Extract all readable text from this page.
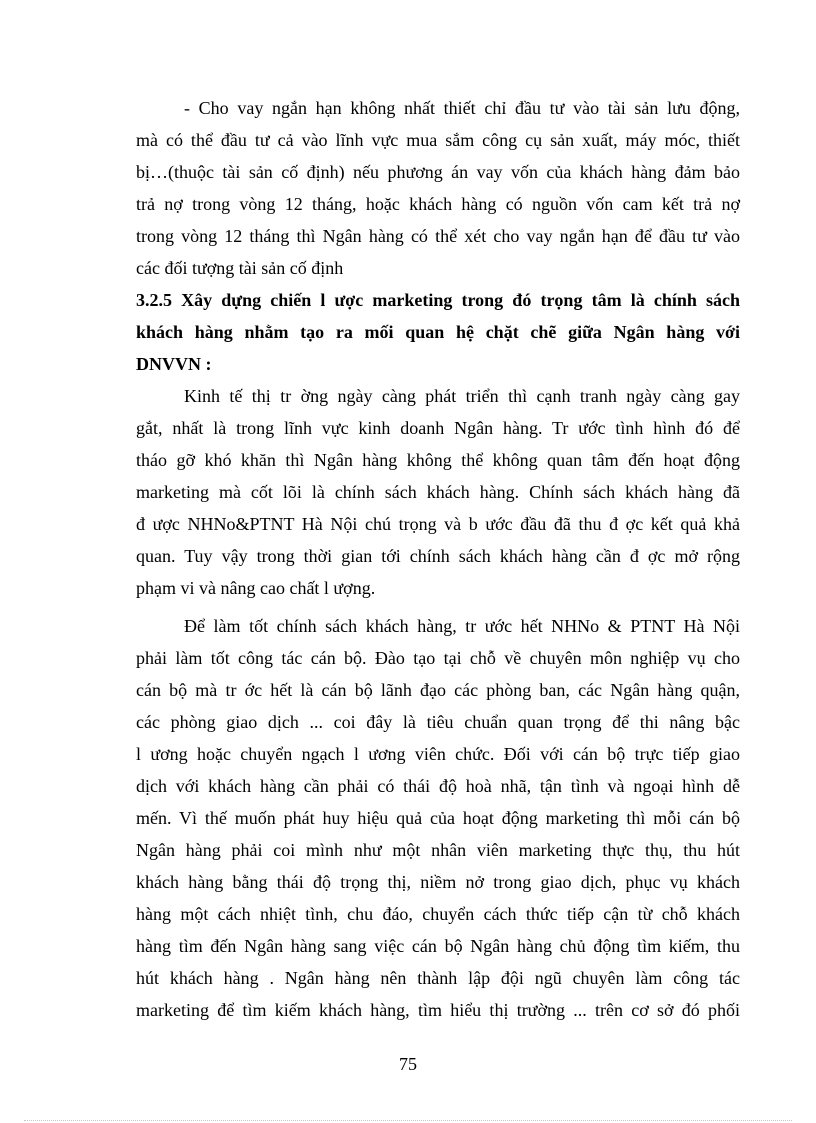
- Cho vay ngắn hạn không nhất thiết chỉ đầu tư vào tài sản lưu động,
mà có thể đầu tư cả vào lĩnh vực mua sắm công cụ sản xuất, máy móc, thiết
bị…(thuộc tài sản cố định) nếu phương án vay vốn của khách hàng đảm bảo
trả nợ trong vòng 12 tháng, hoặc khách hàng có nguồn vốn cam kết trả nợ
trong vòng 12 tháng thì Ngân hàng có thể xét cho vay ngắn hạn để đầu tư vào
các đối tượng tài sản cố định
3.2.5 Xây dựng chiến l ược marketing trong đó trọng tâm là chính sách
khách hàng nhằm tạo ra mối quan hệ chặt chẽ giữa Ngân hàng với
DNVVN :
Kinh tế thị tr ờng ngày càng phát triển thì cạnh tranh ngày càng gay
gắt, nhất là trong lĩnh vực kinh doanh Ngân hàng. Tr ước tình hình đó để
tháo gỡ khó khăn thì Ngân hàng không thể không quan tâm đến hoạt động
marketing mà cốt lõi là chính sách khách hàng. Chính sách khách hàng đã
đ ược NHNo&PTNT Hà Nội chú trọng và b ước đầu đã thu đ ợc kết quả khả
quan. Tuy vậy trong thời gian tới chính sách khách hàng cần đ ợc mở rộng
phạm vi và nâng cao chất l ượng.
Để làm tốt chính sách khách hàng, tr ước hết NHNo & PTNT Hà Nội
phải làm tốt công tác cán bộ. Đào tạo tại chỗ về chuyên môn nghiệp vụ cho
cán bộ mà tr ớc hết là cán bộ lãnh đạo các phòng ban, các Ngân hàng quận,
các phòng giao dịch ... coi đây là tiêu chuẩn quan trọng để thi nâng bậc
l ương hoặc chuyển ngạch l ương viên chức. Đối với cán bộ trực tiếp giao
dịch với khách hàng cần phải có thái độ hoà nhã, tận tình và ngoại hình dễ
mến. Vì thế muốn phát huy hiệu quả của hoạt động marketing thì mỗi cán bộ
Ngân hàng phải coi mình như một nhân viên marketing thực thụ, thu hút
khách hàng bằng thái độ trọng thị, niềm nở trong giao dịch, phục vụ khách
hàng một cách nhiệt tình, chu đáo, chuyển cách thức tiếp cận từ chỗ khách
hàng tìm đến Ngân hàng sang việc cán bộ Ngân hàng chủ động tìm kiếm, thu
hút khách hàng . Ngân hàng nên thành lập đội ngũ chuyên làm công tác
marketing để tìm kiếm khách hàng, tìm hiểu thị trường ... trên cơ sở đó phối
75
